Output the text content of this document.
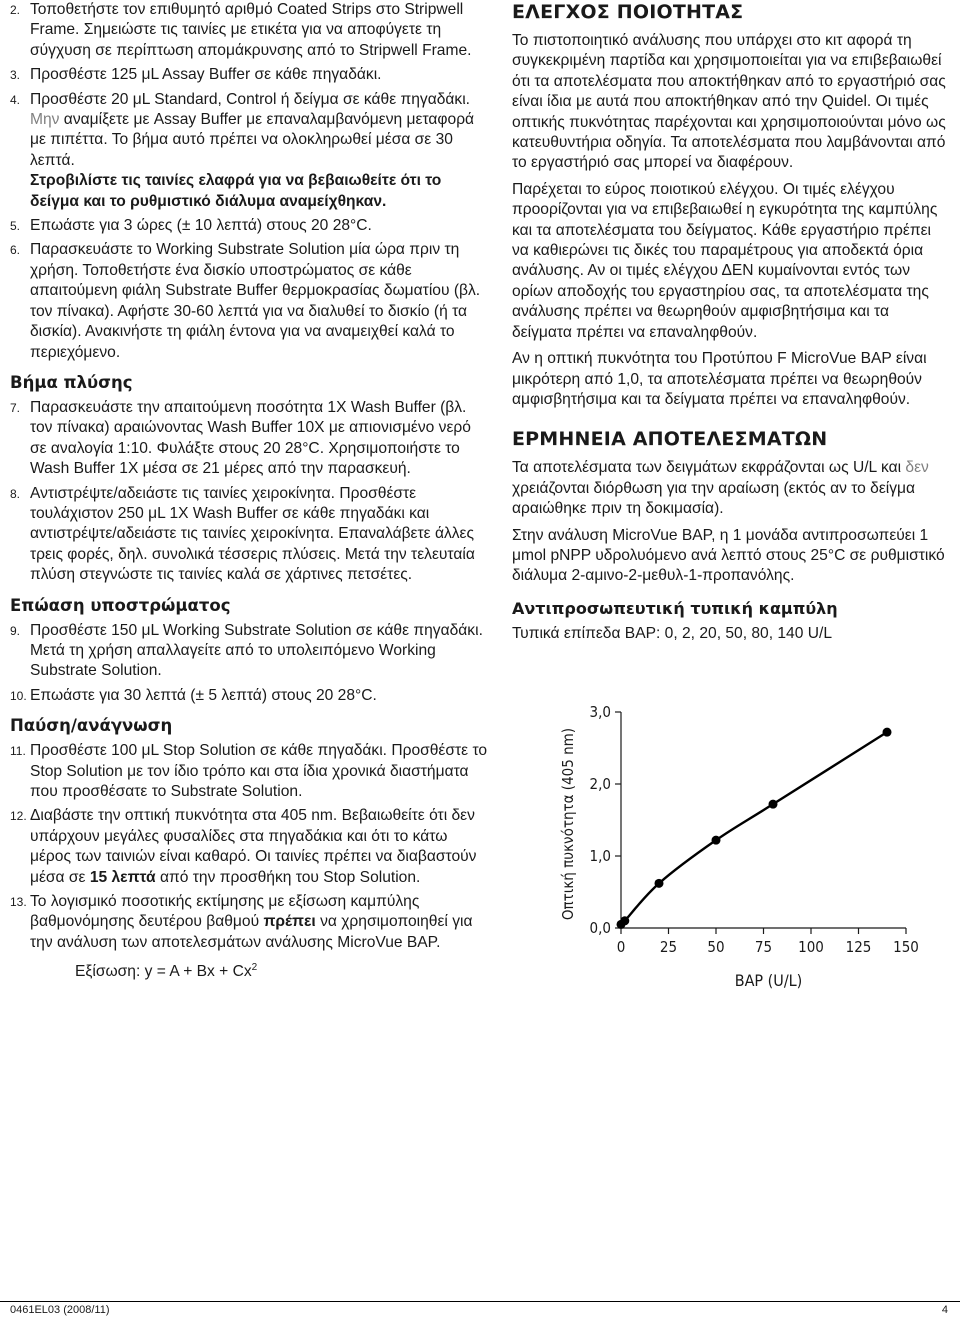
2. Τοποθετήστε τον επιθυμητό αριθμό Coated Strips στο Stripwell Frame. Σημειώστε τις ταινίες με ετικέτα για να αποφύγετε τη σύγχυση σε περίπτωση απομάκρυνσης από το Stripwell Frame.

3. Προσθέστε 125 μL Assay Buffer σε κάθε πηγαδάκι.

4. Προσθέστε 20 μL Standard, Control ή δείγμα σε κάθε πηγαδάκι. Μην αναμίξετε με Assay Buffer με επαναλαμβανόμενη μεταφορά με πιπέττα. Το βήμα αυτό πρέπει να ολοκληρωθεί μέσα σε 30 λεπτά.

Στροβιλίστε τις ταινίες ελαφρά για να βεβαιωθείτε ότι το δείγμα και το ρυθμιστικό διάλυμα αναμείχθηκαν.

5. Επωάστε για 3 ώρες (± 10 λεπτά) στους 20 28°C.

6. Παρασκευάστε το Working Substrate Solution μία ώρα πριν τη χρήση. Τοποθετήστε ένα δισκίο υποστρώματος σε κάθε απαιτούμενη φιάλη Substrate Buffer θερμοκρασίας δωματίου (βλ. τον πίνακα). Αφήστε 30-60 λεπτά για να διαλυθεί το δισκίο (ή τα δισκία). Ανακινήστε τη φιάλη έντονα για να αναμειχθεί καλά το περιεχόμενο.

Βήμα πλύσης
7. Παρασκευάστε την απαιτούμενη ποσότητα 1X Wash Buffer (βλ. τον πίνακα) αραιώνοντας Wash Buffer 10X με απιονισμένο νερό σε αναλογία 1:10. Φυλάξτε στους 20 28°C. Χρησιμοποιήστε το Wash Buffer 1X μέσα σε 21 μέρες από την παρασκευή.

8. Αντιστρέψτε/αδειάστε τις ταινίες χειροκίνητα. Προσθέστε τουλάχιστον 250 μL 1X Wash Buffer σε κάθε πηγαδάκι και αντιστρέψτε/αδειάστε τις ταινίες χειροκίνητα. Επαναλάβετε άλλες τρεις φορές, δηλ. συνολικά τέσσερις πλύσεις. Μετά την τελευταία πλύση στεγνώστε τις ταινίες καλά σε χάρτινες πετσέτες.

Επώαση υποστρώματος
9. Προσθέστε 150 μL Working Substrate Solution σε κάθε πηγαδάκι. Μετά τη χρήση απαλλαγείτε από το υπολειπόμενο Working Substrate Solution.

10. Επωάστε για 30 λεπτά (± 5 λεπτά) στους 20 28°C.

Παύση/ανάγνωση
11. Προσθέστε 100 μL Stop Solution σε κάθε πηγαδάκι. Προσθέστε το Stop Solution με τον ίδιο τρόπο και στα ίδια χρονικά διαστήματα που προσθέσατε το Substrate Solution.

12. Διαβάστε την οπτική πυκνότητα στα 405 nm. Βεβαιωθείτε ότι δεν υπάρχουν μεγάλες φυσαλίδες στα πηγαδάκια και ότι το κάτω μέρος των ταινιών είναι καθαρό. Οι ταινίες πρέπει να διαβαστούν μέσα σε 15 λεπτά από την προσθήκη του Stop Solution.

13. Το λογισμικό ποσοτικής εκτίμησης με εξίσωση καμπύλης βαθμονόμησης δευτέρου βαθμού πρέπει να χρησιμοποιηθεί για την ανάλυση των αποτελεσμάτων ανάλυσης MicroVue BAP.

Εξίσωση: $y = A + Bx + Cx^2$
ΕΛΕΓΧΟΣ ΠΟΙΟΤΗΤΑΣ

Το πιστοποιητικό ανάλυσης που υπάρχει στο κιτ αφορά τη συγκεκριμένη παρτίδα και χρησιμοποιείται για να επιβεβαιωθεί ότι τα αποτελέσματα που αποκτήθηκαν από το εργαστήριό σας είναι ίδια με αυτά που αποκτήθηκαν από την Quidel. Οι τιμές οπτικής πυκνότητας παρέχονται και χρησιμοποιούνται μόνο ως κατευθυντήρια οδηγία. Τα αποτελέσματα που λαμβάνονται από το εργαστήριό σας μπορεί να διαφέρουν.

Παρέχεται το εύρος ποιοτικού ελέγχου. Οι τιμές ελέγχου προορίζονται για να επιβεβαιωθεί η εγκυρότητα της καμπύλης και τα αποτελέσματα του δείγματος. Κάθε εργαστήριο πρέπει να καθιερώνει τις δικές του παραμέτρους για αποδεκτά όρια ανάλυσης. Αν οι τιμές ελέγχου ΔΕΝ κυμαίνονται εντός των ορίων αποδοχής του εργαστηρίου σας, τα αποτελέσματα της ανάλυσης πρέπει να θεωρηθούν αμφισβητήσιμα και τα δείγματα πρέπει να επαναληφθούν.

Αν η οπτική πυκνότητα του Προτύπου F MicroVue BAP είναι μικρότερη από 1,0, τα αποτελέσματα πρέπει να θεωρηθούν αμφισβητήσιμα και τα δείγματα πρέπει να επαναληφθούν.

ΕΡΜΗΝΕΙΑ ΑΠΟΤΕΛΕΣΜΑΤΩΝ

Τα αποτελέσματα των δειγμάτων εκφράζονται ως U/L και δεν χρειάζονται διόρθωση για την αραίωση (εκτός αν το δείγμα αραιώθηκε πριν τη δοκιμασία).

Στην ανάλυση MicroVue BAP, η 1 μονάδα αντιπροσωπεύει 1 μmol pNPP υδρολυόμενο ανά λεπτό στους 25°C σε ρυθμιστικό διάλυμα 2-αμινο-2-μεθυλ-1-προπανόλης.

Αντιπροσωπευτική τυπική καμπύλη

Τυπικά επίπεδα BAP: 0, 2, 20, 50, 80, 140 U/L

0,0
1,0
2,0
3,0
0 25 50 75 100 125 150
Οπτική πυκνότητα (405 nm)
BAP (U/L)
0461EL03 (2008/11)	4
